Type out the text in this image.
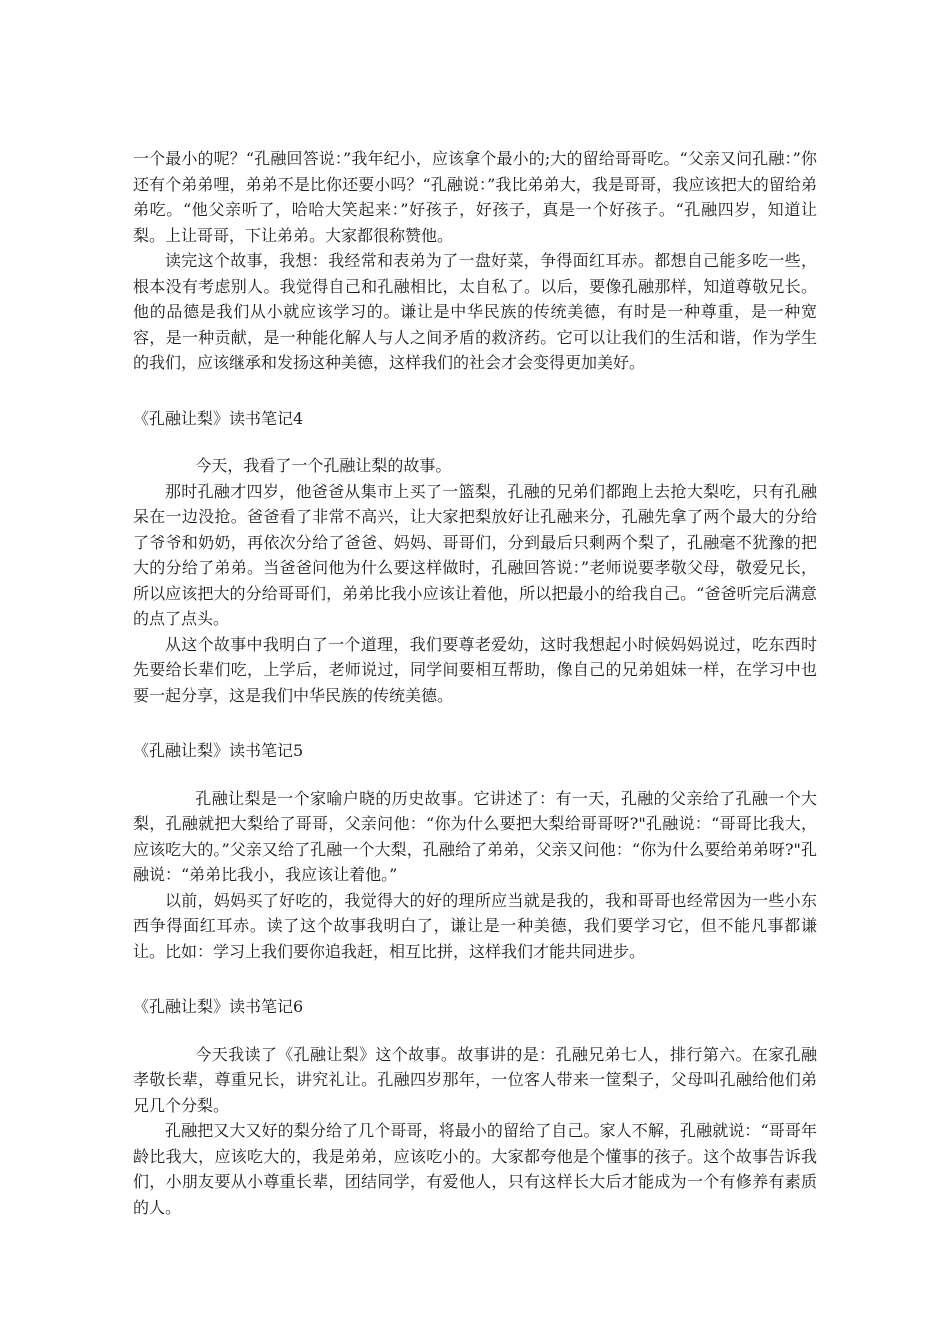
一个最小的呢？“孔融回答说：”我年纪小，应该拿个最小的;大的留给哥哥吃。“父亲又问孔融：”你还有个弟弟哩，弟弟不是比你还要小吗？“孔融说：”我比弟弟大，我是哥哥，我应该把大的留给弟弟吃。“他父亲听了，哈哈大笑起来：”好孩子，好孩子，真是一个好孩子。“孔融四岁，知道让梨。上让哥哥，下让弟弟。大家都很称赞他。

读完这个故事，我想：我经常和表弟为了一盘好菜，争得面红耳赤。都想自己能多吃一些，根本没有考虑别人。我觉得自己和孔融相比，太自私了。以后，要像孔融那样，知道尊敬兄长。他的品德是我们从小就应该学习的。谦让是中华民族的传统美德，有时是一种尊重，是一种宽容，是一种贡献，是一种能化解人与人之间矛盾的救济药。它可以让我们的生活和谐，作为学生的我们，应该继承和发扬这种美德，这样我们的社会才会变得更加美好。

《孔融让梨》读书笔记4

今天，我看了一个孔融让梨的故事。

那时孔融才四岁，他爸爸从集市上买了一篮梨，孔融的兄弟们都跑上去抢大梨吃，只有孔融呆在一边没抢。爸爸看了非常不高兴，让大家把梨放好让孔融来分，孔融先拿了两个最大的分给了爷爷和奶奶，再依次分给了爸爸、妈妈、哥哥们，分到最后只剩两个梨了，孔融毫不犹豫的把大的分给了弟弟。当爸爸问他为什么要这样做时，孔融回答说：”老师说要孝敬父母，敬爱兄长，所以应该把大的分给哥哥们，弟弟比我小应该让着他，所以把最小的给我自己。“爸爸听完后满意的点了点头。

从这个故事中我明白了一个道理，我们要尊老爱幼，这时我想起小时候妈妈说过，吃东西时先要给长辈们吃，上学后，老师说过，同学间要相互帮助，像自己的兄弟姐妹一样，在学习中也要一起分享，这是我们中华民族的传统美德。

《孔融让梨》读书笔记5

孔融让梨是一个家喻户晓的历史故事。它讲述了：有一天，孔融的父亲给了孔融一个大梨，孔融就把大梨给了哥哥，父亲问他：“你为什么要把大梨给哥哥呀?"孔融说：“哥哥比我大，应该吃大的。”父亲又给了孔融一个大梨，孔融给了弟弟，父亲又问他：“你为什么要给弟弟呀?"孔融说：“弟弟比我小，我应该让着他。”

以前，妈妈买了好吃的，我觉得大的好的理所应当就是我的，我和哥哥也经常因为一些小东西争得面红耳赤。读了这个故事我明白了，谦让是一种美德，我们要学习它，但不能凡事都谦让。比如：学习上我们要你追我赶，相互比拼，这样我们才能共同进步。

《孔融让梨》读书笔记6

今天我读了《孔融让梨》这个故事。故事讲的是：孔融兄弟七人，排行第六。在家孔融孝敬长辈，尊重兄长，讲究礼让。孔融四岁那年，一位客人带来一筐梨子，父母叫孔融给他们弟兄几个分梨。

孔融把又大又好的梨分给了几个哥哥，将最小的留给了自己。家人不解，孔融就说：“哥哥年龄比我大，应该吃大的，我是弟弟，应该吃小的。大家都夸他是个懂事的孩子。这个故事告诉我们，小朋友要从小尊重长辈，团结同学，有爱他人，只有这样长大后才能成为一个有修养有素质的人。
